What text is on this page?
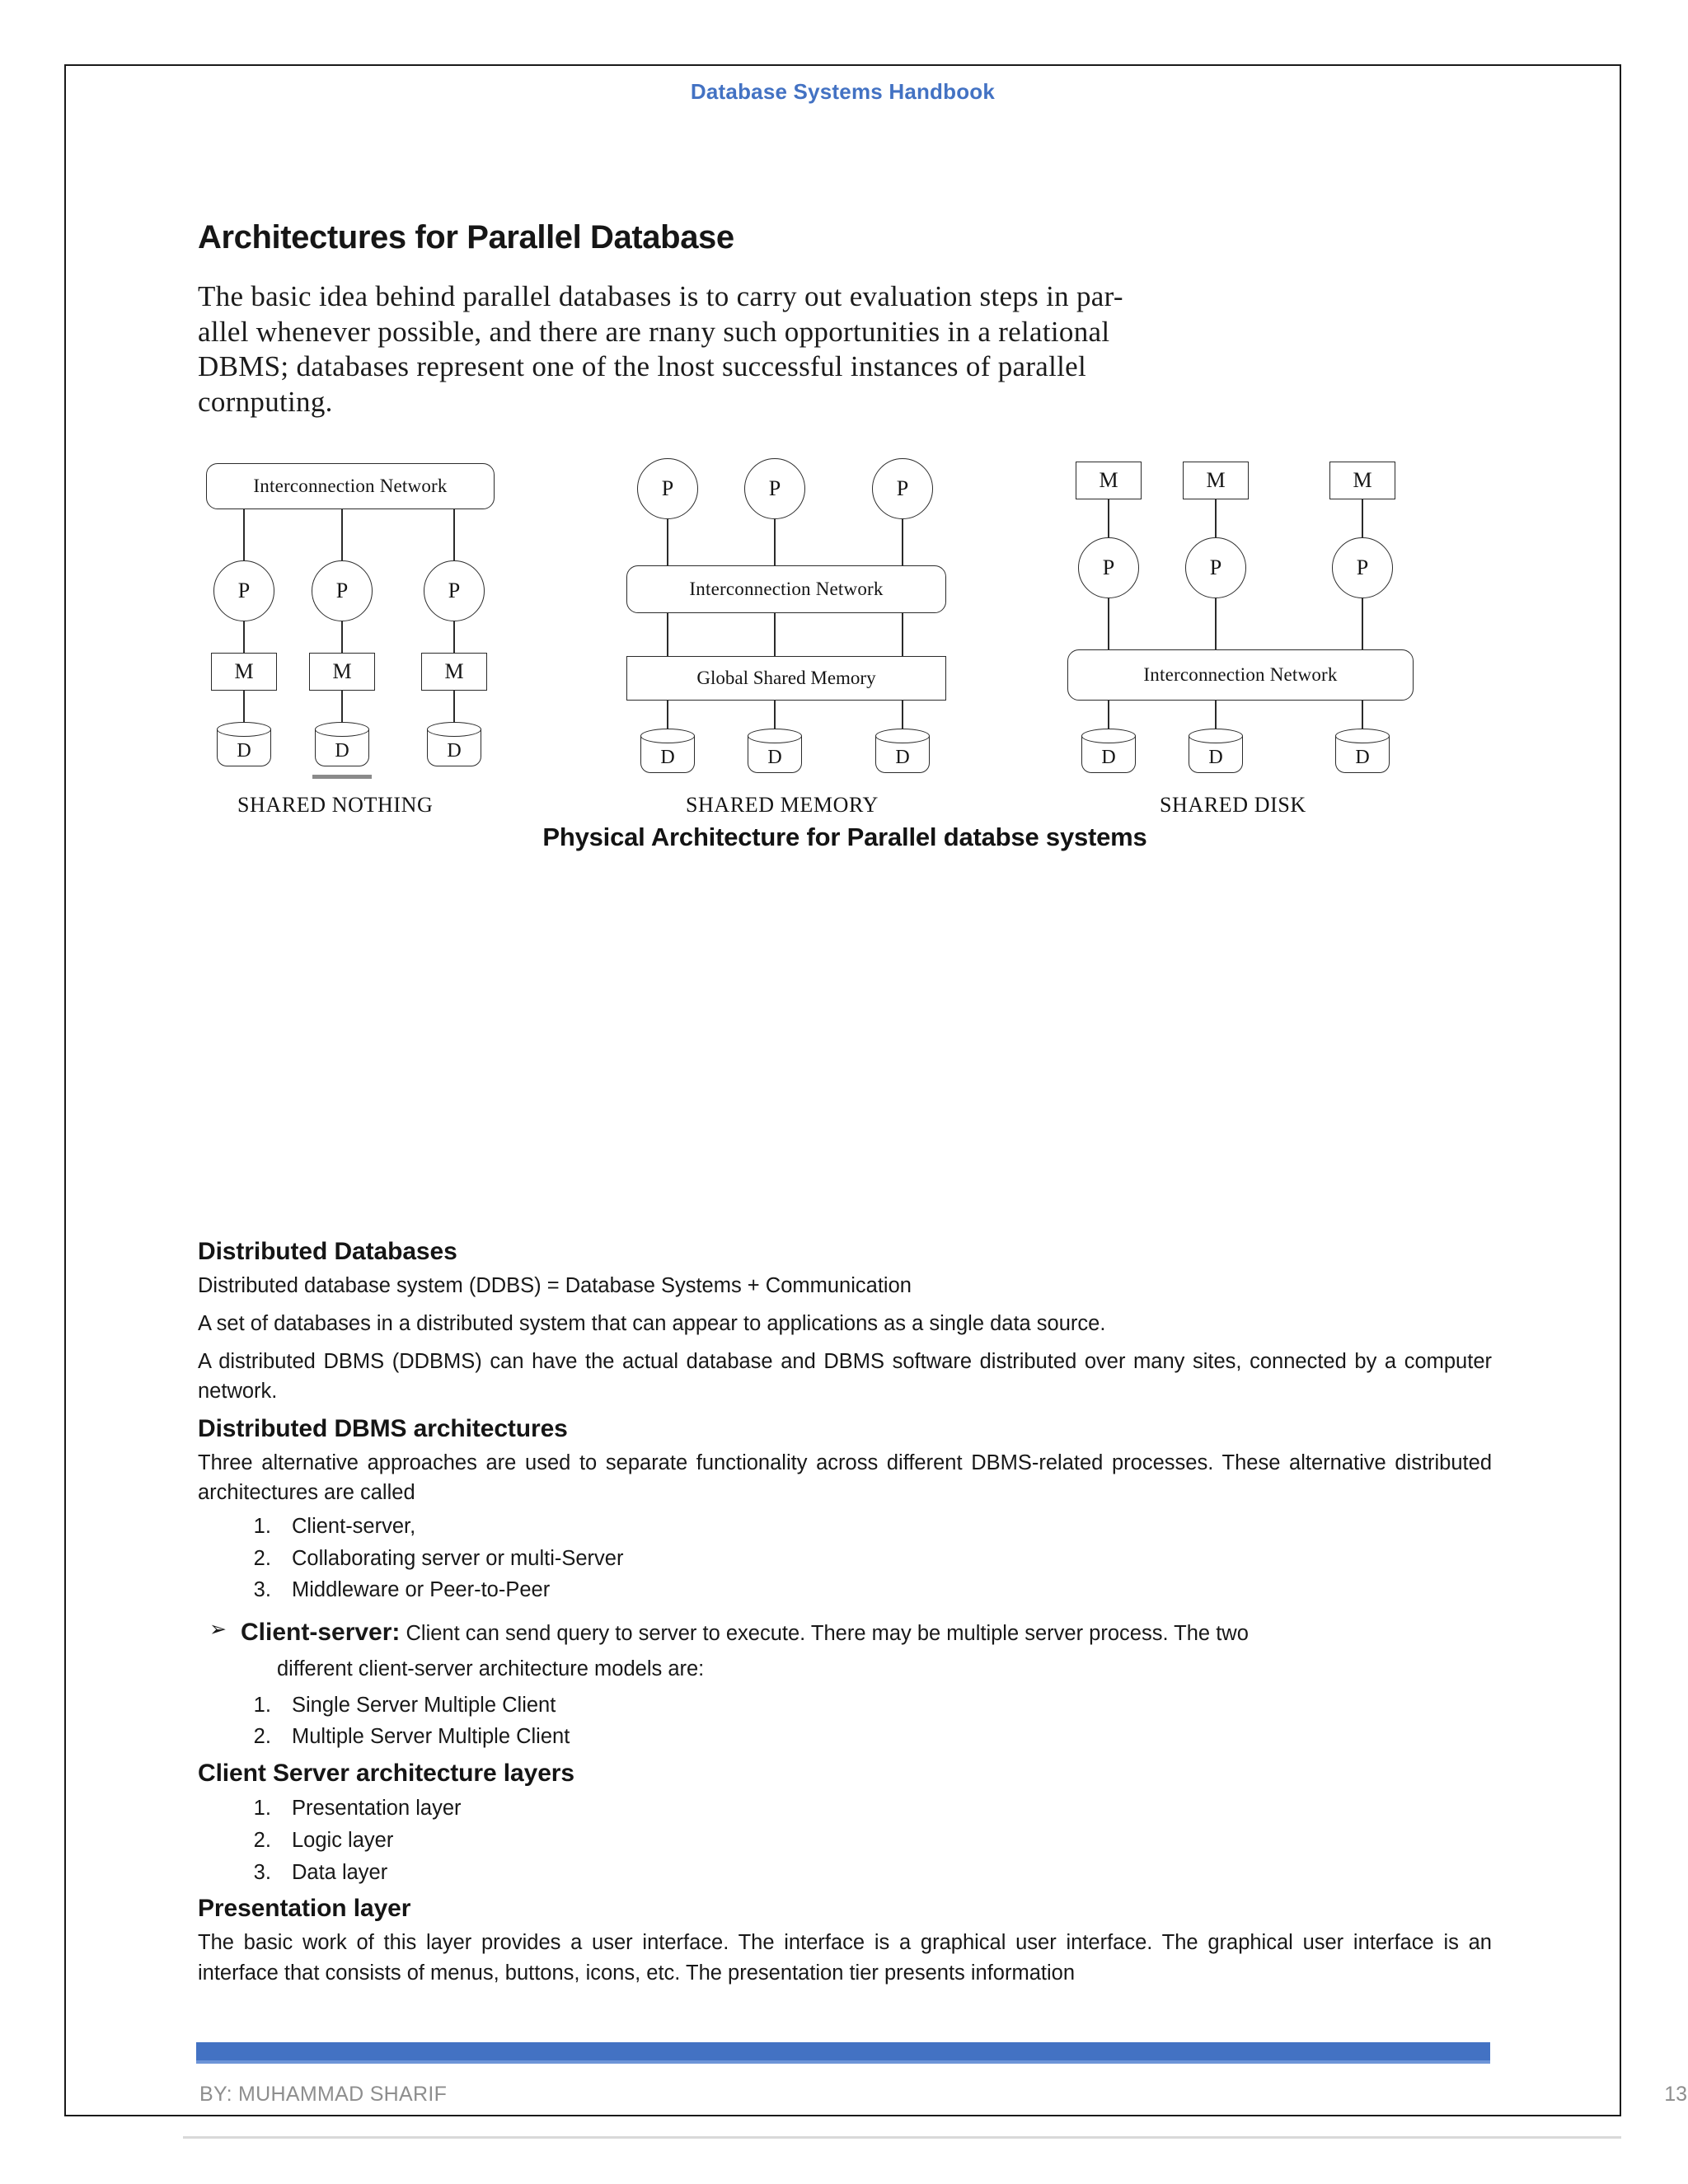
Database Systems Handbook
Architectures for Parallel Database
The basic idea behind parallel databases is to carry out evaluation steps in par-
allel whenever possible, and there are rnany such opportunities in a relational
DBMS; databases represent one of the lnost successful instances of parallel
cornputing.
Interconnection Network
P	P	P
M	M	M
D	D	D
SHARED NOTHING
P	P	P
Interconnection Network
Global Shared Memory
D	D	D
SHARED MEMORY
M	M	M
P	P	P
Interconnection Network
D	D	D
SHARED DISK
Physical Architecture for Parallel databse systems
Distributed Databases

Distributed database system (DDBS) = Database Systems + Communication

A set of databases in a distributed system that can appear to applications as a single data source.

A distributed DBMS (DDBMS) can have the actual database and DBMS software distributed over many sites, connected by a computer network.

Distributed DBMS architectures

Three alternative approaches are used to separate functionality across different DBMS-related processes. These alternative distributed architectures are called

1. Client-server,
2. Collaborating server or multi-Server
3. Middleware or Peer-to-Peer
➢ Client-server: Client can send query to server to execute. There may be multiple server process. The two
different client-server architecture models are:
1. Single Server Multiple Client
2. Multiple Server Multiple Client
Client Server architecture layers
1. Presentation layer
2. Logic layer
3. Data layer
Presentation layer

The basic work of this layer provides a user interface. The interface is a graphical user interface. The graphical user interface is an interface that consists of menus, buttons, icons, etc. The presentation tier presents information

BY: MUHAMMAD SHARIF	13
